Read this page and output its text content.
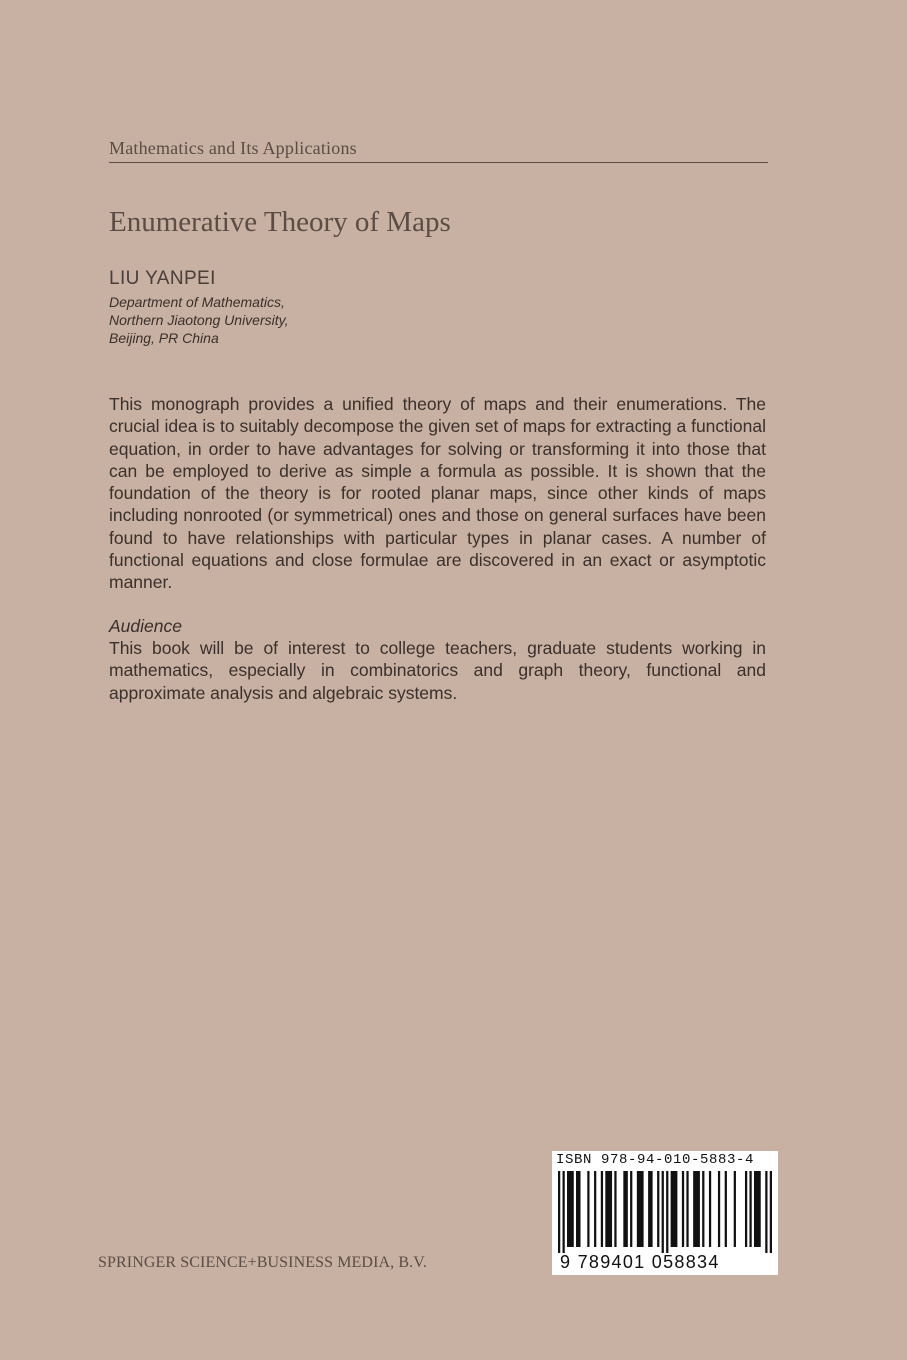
Mathematics and Its Applications
Enumerative Theory of Maps
LIU YANPEI
Department of Mathematics,
Northern Jiaotong University,
Beijing, PR China

This monograph provides a unified theory of maps and their enumerations. The crucial idea is to suitably decompose the given set of maps for extracting a functional equation, in order to have advantages for solving or transforming it into those that can be employed to derive as simple a formula as possible. It is shown that the foundation of the theory is for rooted planar maps, since other kinds of maps including nonrooted (or symmetrical) ones and those on general surfaces have been found to have relationships with particular types in planar cases. A number of functional equations and close formulae are discovered in an exact or asymptotic manner.

Audience

This book will be of interest to college teachers, graduate students working in mathematics, especially in combinatorics and graph theory, functional and approximate analysis and algebraic systems.

ISBN 978-94-010-5883-4
9 789401 058834
SPRINGER SCIENCE+BUSINESS MEDIA, B.V.
